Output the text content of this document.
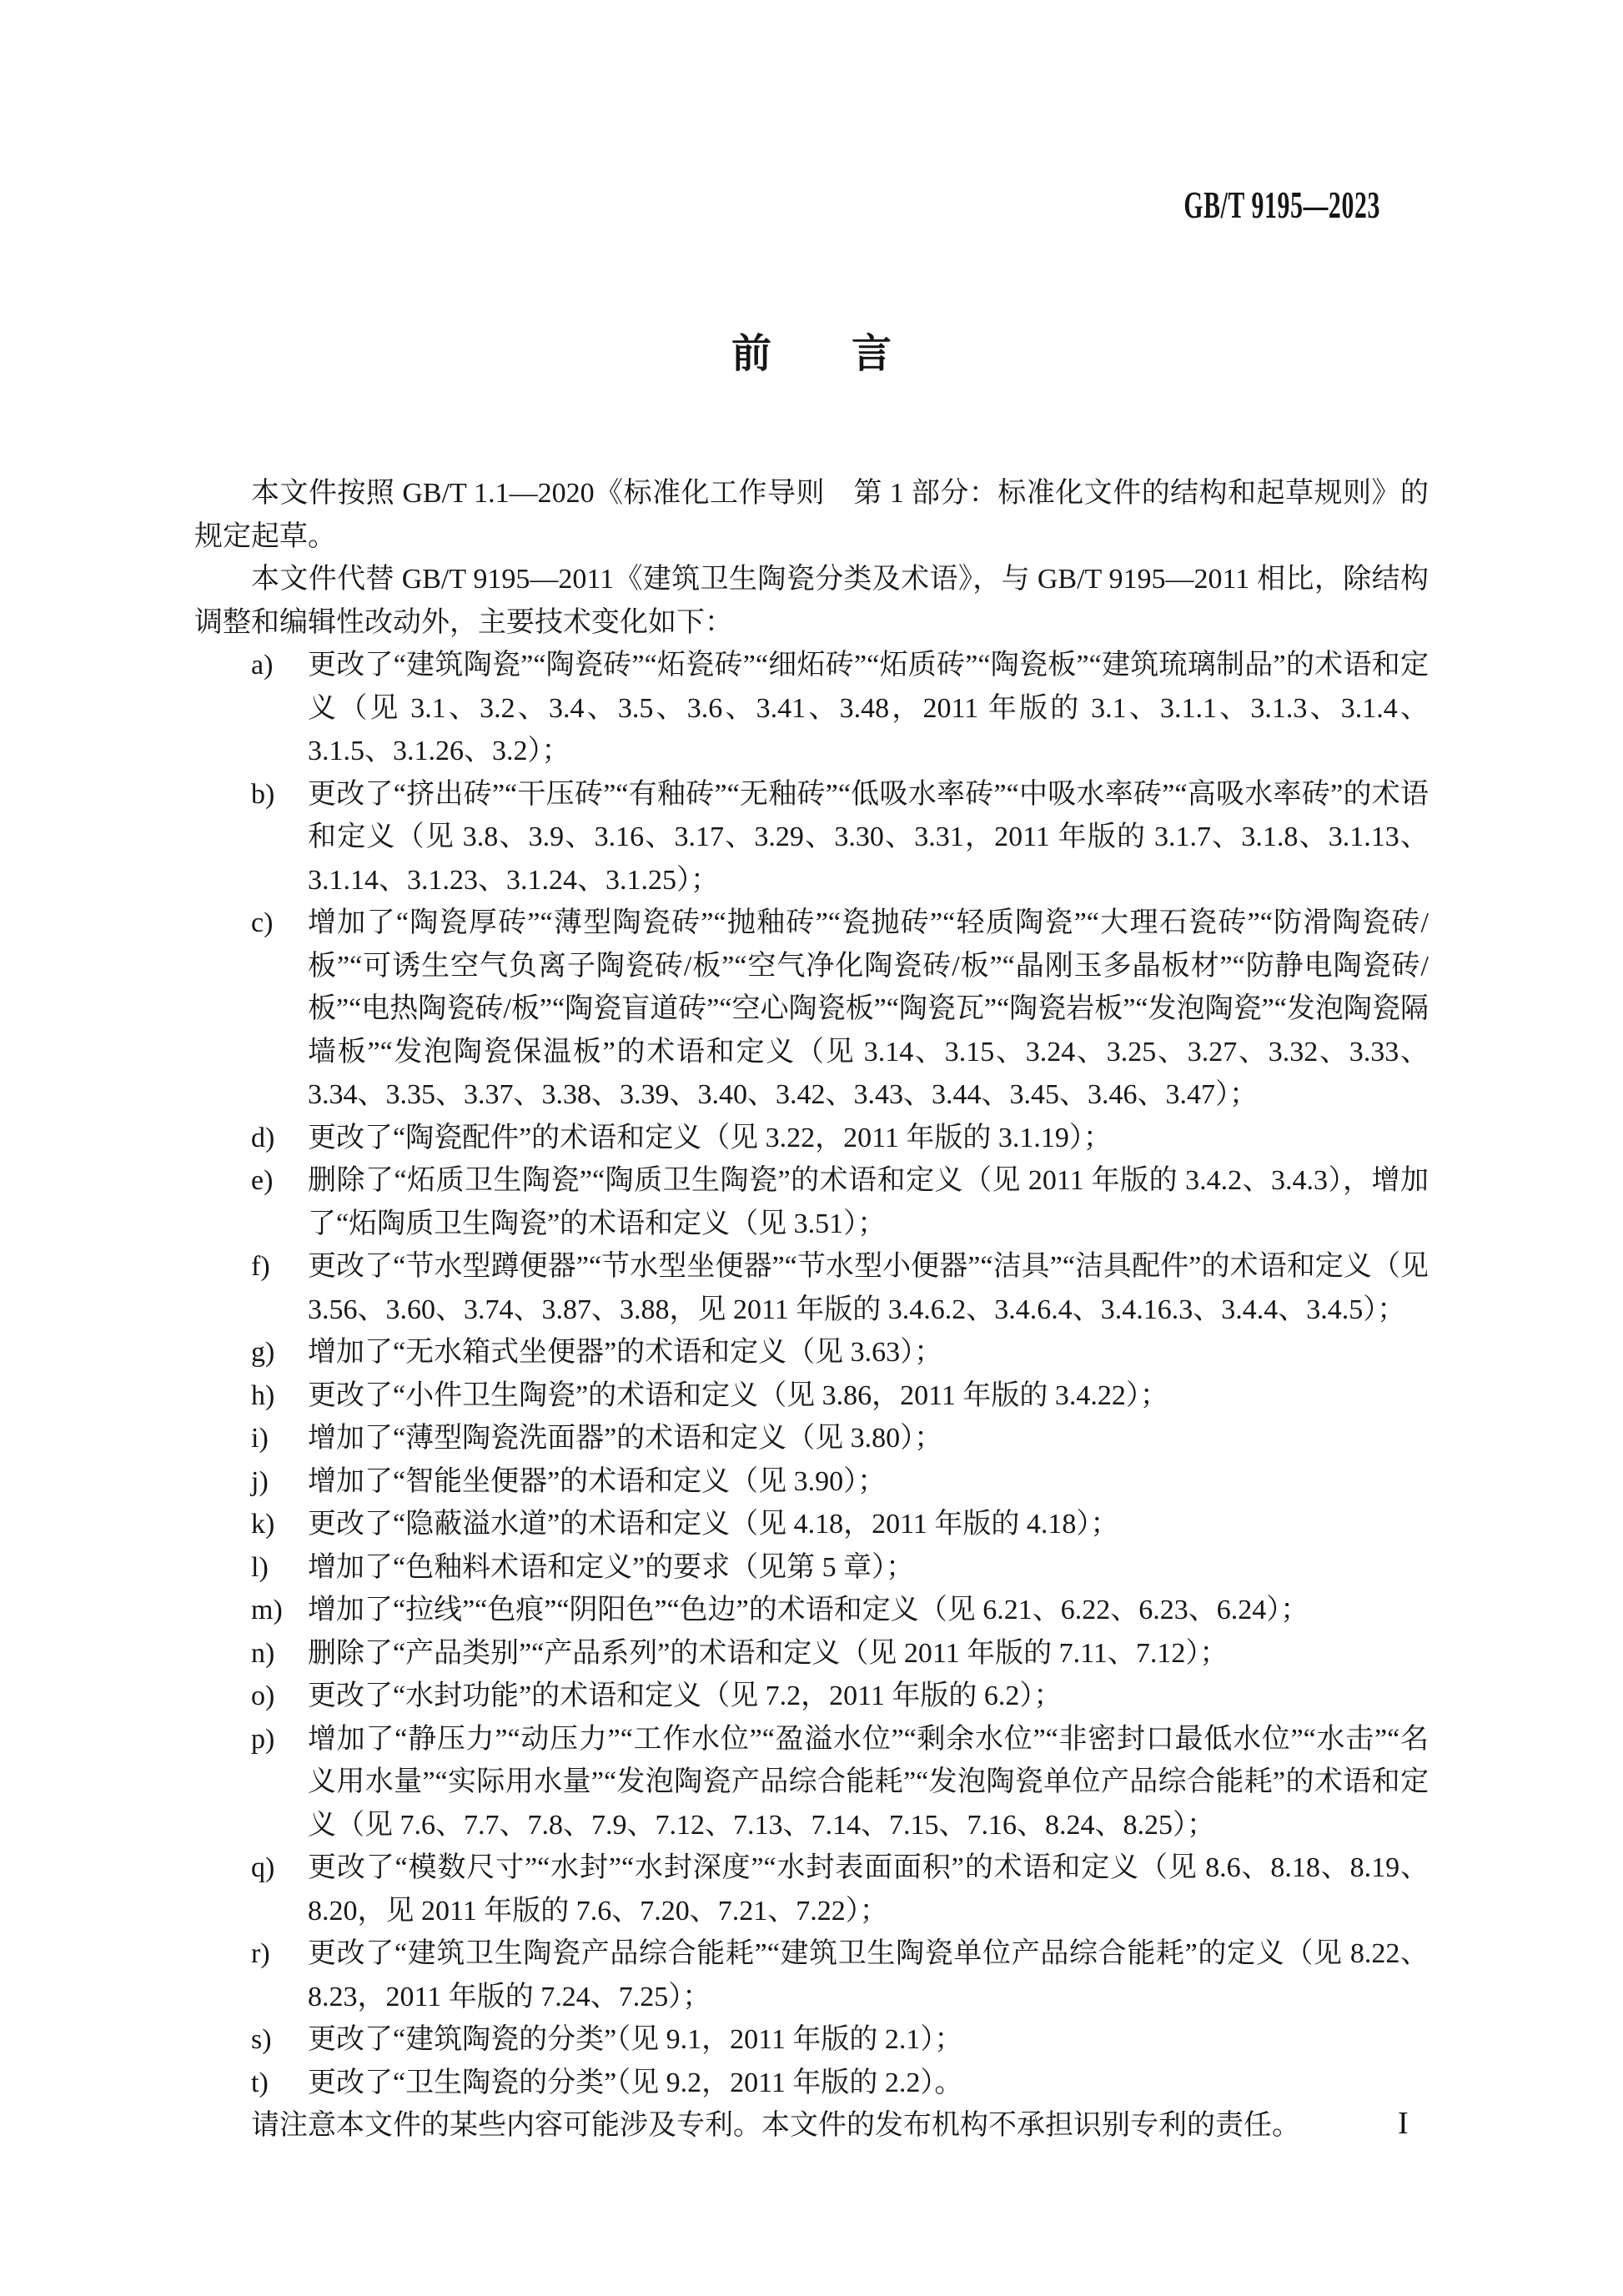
GB/T 9195—2023
前　　言

本文件按照 GB/T 1.1—2020《标准化工作导则　第 1 部分：标准化文件的结构和起草规则》的规定起草。

本文件代替 GB/T 9195—2011《建筑卫生陶瓷分类及术语》，与 GB/T 9195—2011 相比，除结构调整和编辑性改动外，主要技术变化如下：

a)	更改了“建筑陶瓷”“陶瓷砖”“炻瓷砖”“细炻砖”“炻质砖”“陶瓷板”“建筑琉璃制品”的术语和定义（见 3.1、3.2、3.4、3.5、3.6、3.41、3.48，2011 年版的 3.1、3.1.1、3.1.3、3.1.4、3.1.5、3.1.26、3.2）；
b)	更改了“挤出砖”“干压砖”“有釉砖”“无釉砖”“低吸水率砖”“中吸水率砖”“高吸水率砖”的术语和定义（见 3.8、3.9、3.16、3.17、3.29、3.30、3.31，2011 年版的 3.1.7、3.1.8、3.1.13、3.1.14、3.1.23、3.1.24、3.1.25）；
c)	增加了“陶瓷厚砖”“薄型陶瓷砖”“抛釉砖”“瓷抛砖”“轻质陶瓷”“大理石瓷砖”“防滑陶瓷砖/板”“可诱生空气负离子陶瓷砖/板”“空气净化陶瓷砖/板”“晶刚玉多晶板材”“防静电陶瓷砖/板”“电热陶瓷砖/板”“陶瓷盲道砖”“空心陶瓷板”“陶瓷瓦”“陶瓷岩板”“发泡陶瓷”“发泡陶瓷隔墙板”“发泡陶瓷保温板”的术语和定义（见 3.14、3.15、3.24、3.25、3.27、3.32、3.33、3.34、3.35、3.37、3.38、3.39、3.40、3.42、3.43、3.44、3.45、3.46、3.47）；
d)	更改了“陶瓷配件”的术语和定义（见 3.22，2011 年版的 3.1.19）；
e)	删除了“炻质卫生陶瓷”“陶质卫生陶瓷”的术语和定义（见 2011 年版的 3.4.2、3.4.3），增加了“炻陶质卫生陶瓷”的术语和定义（见 3.51）；
f)	更改了“节水型蹲便器”“节水型坐便器”“节水型小便器”“洁具”“洁具配件”的术语和定义（见 3.56、3.60、3.74、3.87、3.88，见 2011 年版的 3.4.6.2、3.4.6.4、3.4.16.3、3.4.4、3.4.5）；
g)	增加了“无水箱式坐便器”的术语和定义（见 3.63）；
h)	更改了“小件卫生陶瓷”的术语和定义（见 3.86，2011 年版的 3.4.22）；
i)	增加了“薄型陶瓷洗面器”的术语和定义（见 3.80）；
j)	增加了“智能坐便器”的术语和定义（见 3.90）；
k)	更改了“隐蔽溢水道”的术语和定义（见 4.18，2011 年版的 4.18）；
l)	增加了“色釉料术语和定义”的要求（见第 5 章）；
m) 增加了“拉线”“色痕”“阴阳色”“色边”的术语和定义（见 6.21、6.22、6.23、6.24）；
n)	删除了“产品类别”“产品系列”的术语和定义（见 2011 年版的 7.11、7.12）；
o)	更改了“水封功能”的术语和定义（见 7.2，2011 年版的 6.2）；
p)	增加了“静压力”“动压力”“工作水位”“盈溢水位”“剩余水位”“非密封口最低水位”“水击”“名义用水量”“实际用水量”“发泡陶瓷产品综合能耗”“发泡陶瓷单位产品综合能耗”的术语和定义（见 7.6、7.7、7.8、7.9、7.12、7.13、7.14、7.15、7.16、8.24、8.25）；
q)	更改了“模数尺寸”“水封”“水封深度”“水封表面面积”的术语和定义（见 8.6、8.18、8.19、8.20，见 2011 年版的 7.6、7.20、7.21、7.22）；
r)	更改了“建筑卫生陶瓷产品综合能耗”“建筑卫生陶瓷单位产品综合能耗”的定义（见 8.22、8.23，2011 年版的 7.24、7.25）；
s)	更改了“建筑陶瓷的分类”（见 9.1，2011 年版的 2.1）；
t)	更改了“卫生陶瓷的分类”（见 9.2，2011 年版的 2.2）。

请注意本文件的某些内容可能涉及专利。本文件的发布机构不承担识别专利的责任。	I
